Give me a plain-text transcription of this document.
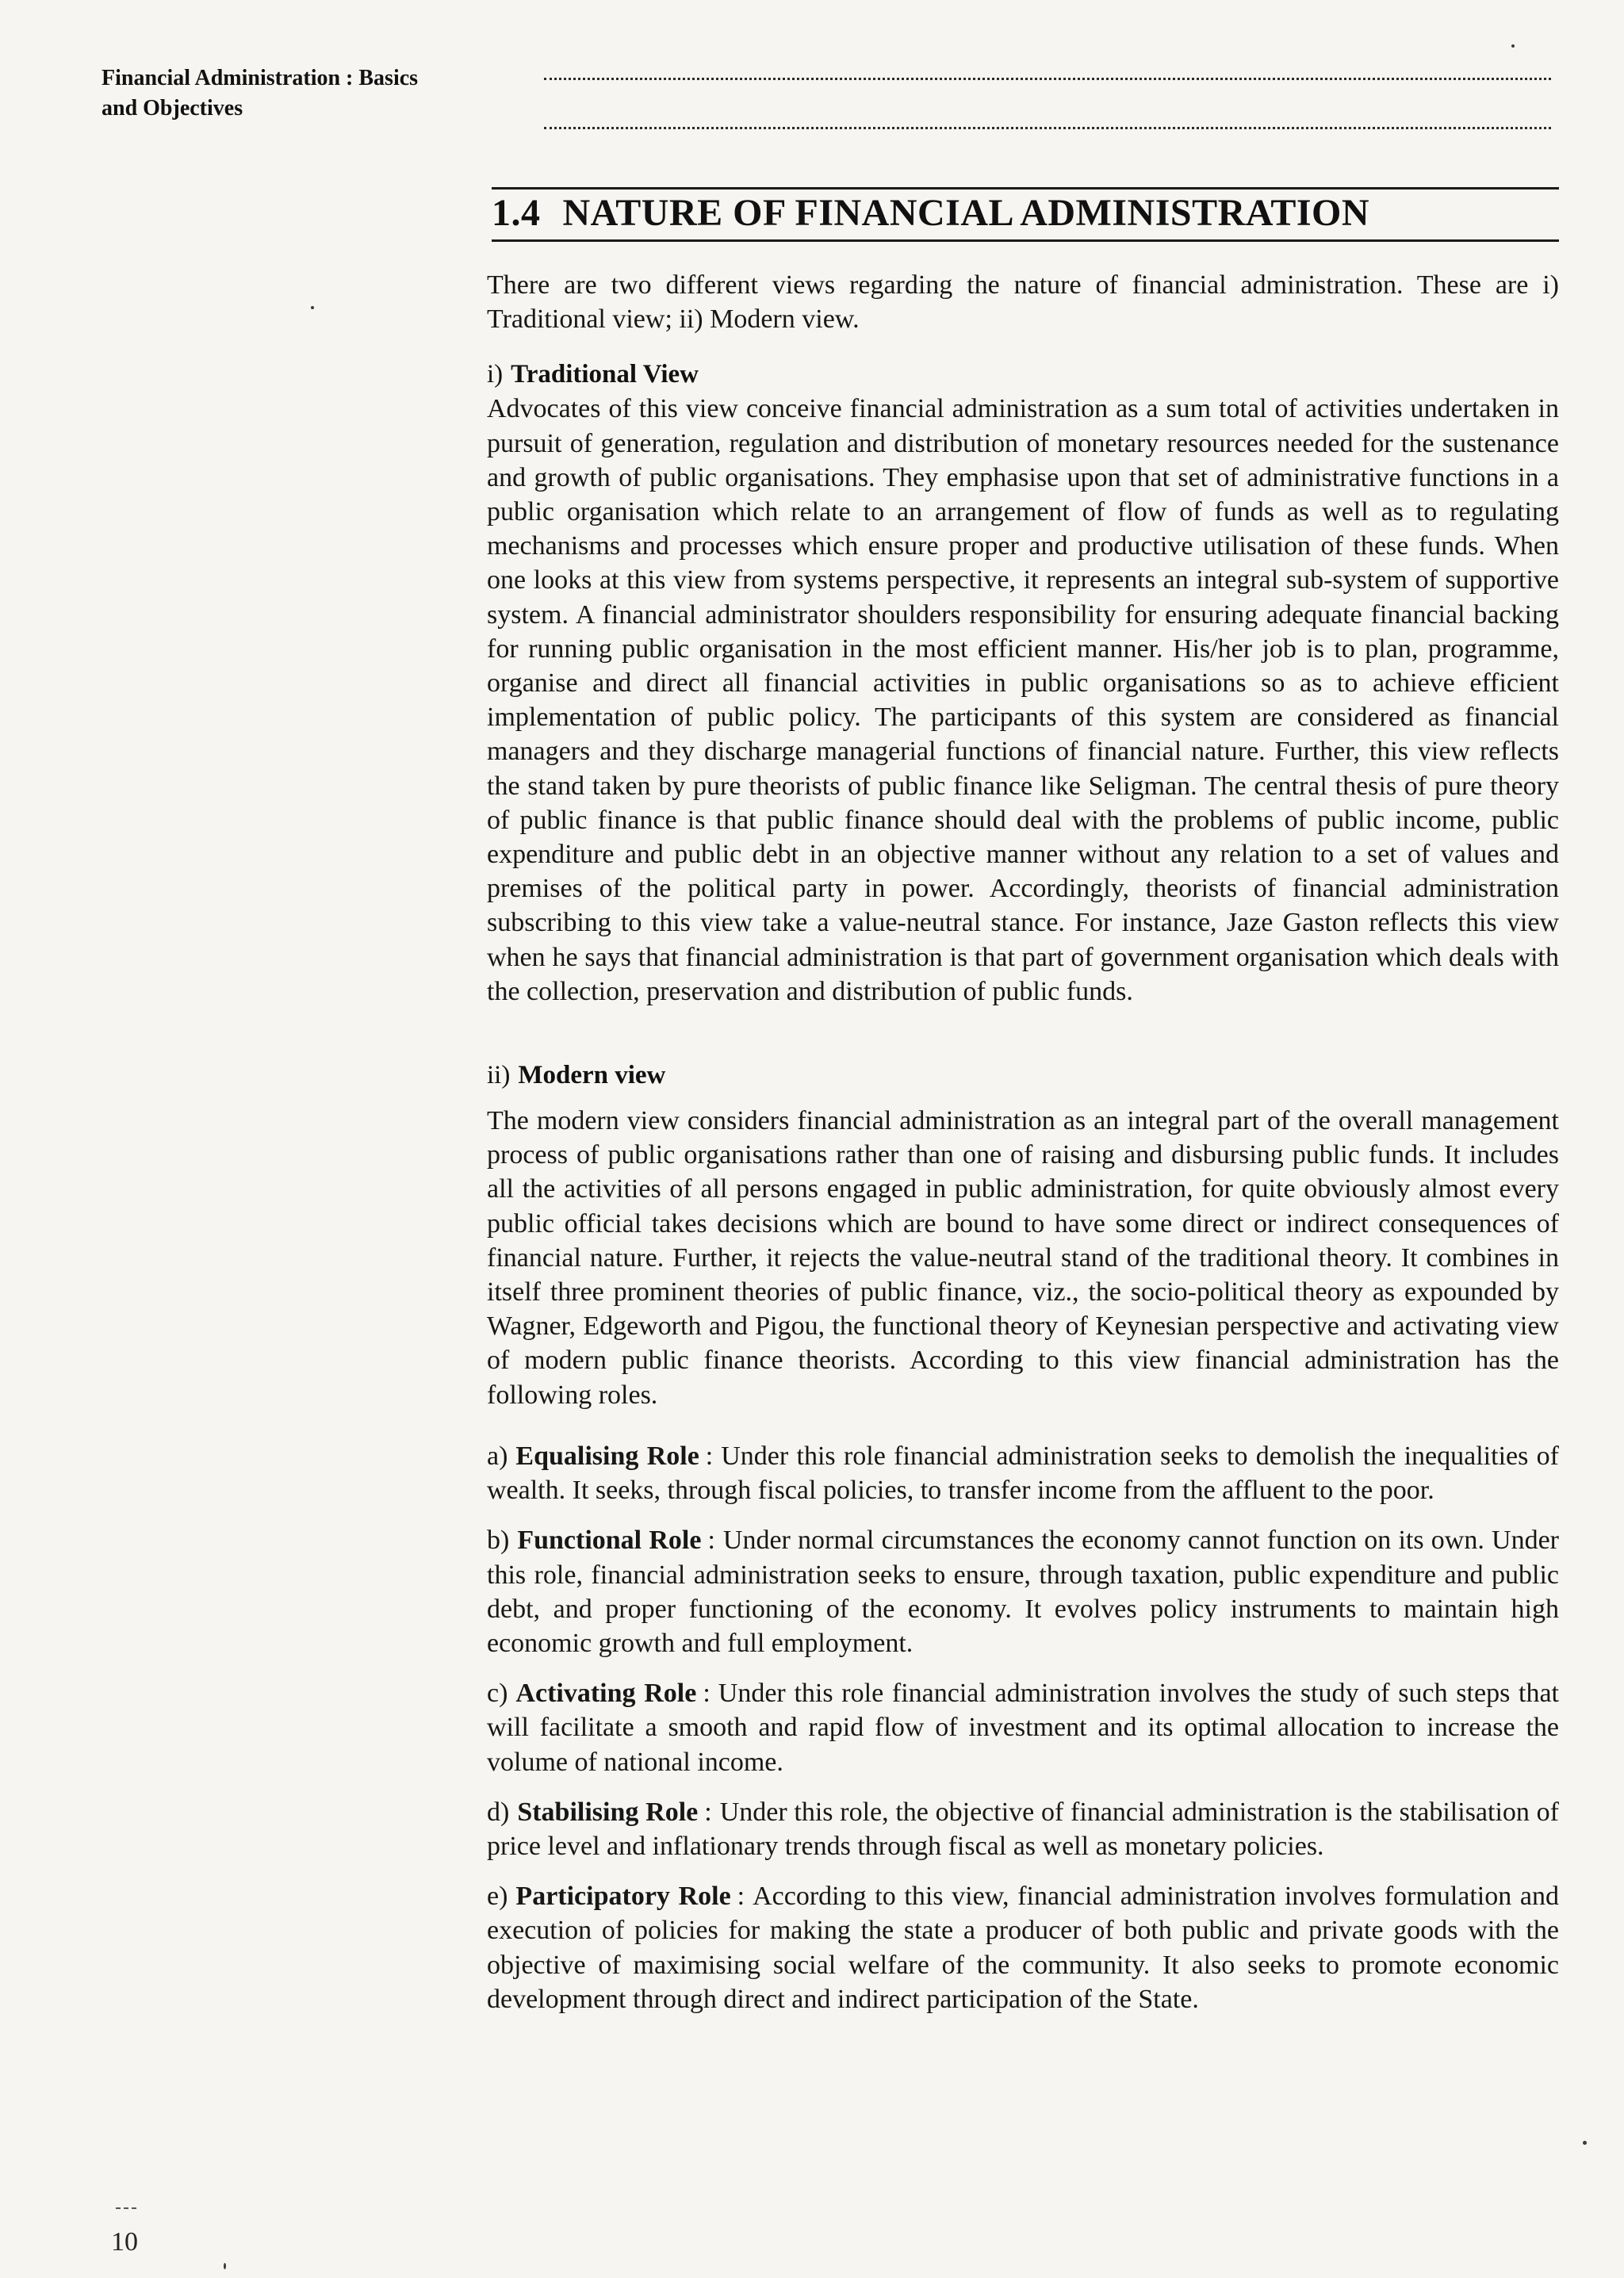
Financial Administration : Basics
and Objectives
1.4 NATURE OF FINANCIAL ADMINISTRATION

There are two different views regarding the nature of financial administration. These are i) Traditional view; ii) Modern view.

i) Traditional View

Advocates of this view conceive financial administration as a sum total of activities undertaken in pursuit of generation, regulation and distribution of monetary resources needed for the sustenance and growth of public organisations. They emphasise upon that set of administrative functions in a public organisation which relate to an arrangement of flow of funds as well as to regulating mechanisms and processes which ensure proper and productive utilisation of these funds. When one looks at this view from systems perspective, it represents an integral sub-system of supportive system. A financial administrator shoulders responsibility for ensuring adequate financial backing for running public organisation in the most efficient manner. His/her job is to plan, programme, organise and direct all financial activities in public organisations so as to achieve efficient implementation of public policy. The participants of this system are considered as financial managers and they discharge managerial functions of financial nature. Further, this view reflects the stand taken by pure theorists of public finance like Seligman. The central thesis of pure theory of public finance is that public finance should deal with the problems of public income, public expenditure and public debt in an objective manner without any relation to a set of values and premises of the political party in power. Accordingly, theorists of financial administration subscribing to this view take a value-neutral stance. For instance, Jaze Gaston reflects this view when he says that financial administration is that part of government organisation which deals with the collection, preservation and distribution of public funds.

ii) Modern view

The modern view considers financial administration as an integral part of the overall management process of public organisations rather than one of raising and disbursing public funds. It includes all the activities of all persons engaged in public administration, for quite obviously almost every public official takes decisions which are bound to have some direct or indirect consequences of financial nature. Further, it rejects the value-neutral stand of the traditional theory. It combines in itself three prominent theories of public finance, viz., the socio-political theory as expounded by Wagner, Edgeworth and Pigou, the functional theory of Keynesian perspective and activating view of modern public finance theorists. According to this view financial administration has the following roles.

a) Equalising Role : Under this role financial administration seeks to demolish the inequalities of wealth. It seeks, through fiscal policies, to transfer income from the affluent to the poor.

b) Functional Role : Under normal circumstances the economy cannot function on its own. Under this role, financial administration seeks to ensure, through taxation, public expenditure and public debt, and proper functioning of the economy. It evolves policy instruments to maintain high economic growth and full employment.

c) Activating Role : Under this role financial administration involves the study of such steps that will facilitate a smooth and rapid flow of investment and its optimal allocation to increase the volume of national income.

d) Stabilising Role : Under this role, the objective of financial administration is the stabilisation of price level and inflationary trends through fiscal as well as monetary policies.

e) Participatory Role : According to this view, financial administration involves formulation and execution of policies for making the state a producer of both public and private goods with the objective of maximising social welfare of the community. It also seeks to promote economic development through direct and indirect participation of the State.

10
